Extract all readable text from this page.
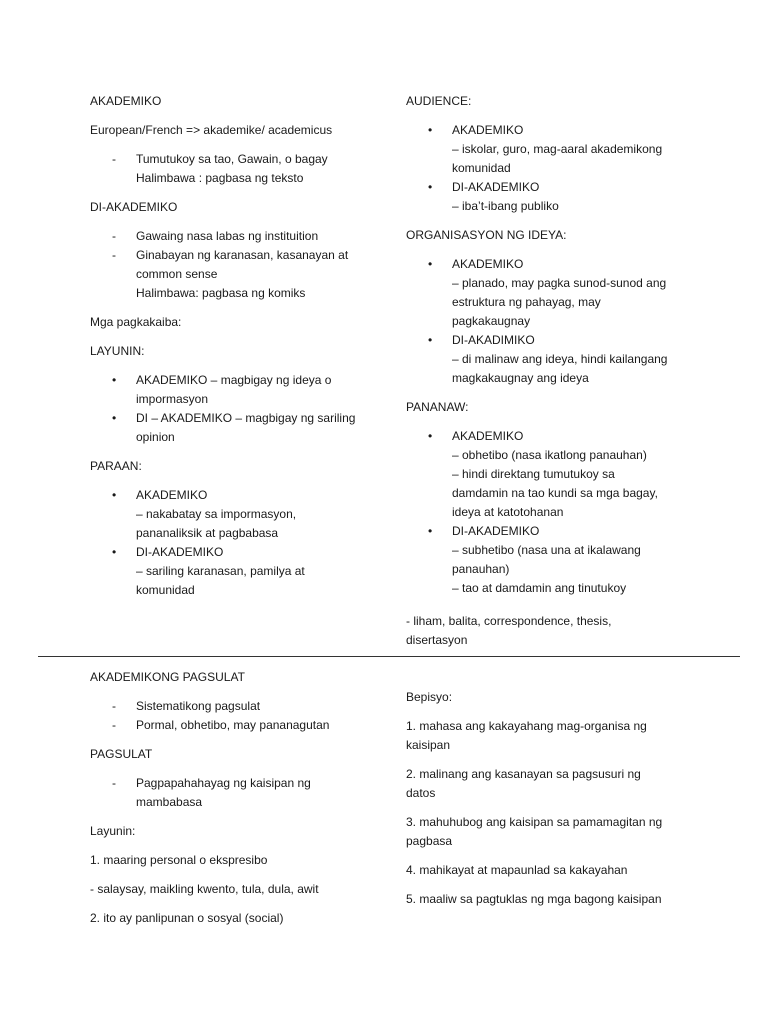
AKADEMIKO

European/French => akademike/ academicus

- Tumutukoy sa tao, Gawain, o bagay
Halimbawa : pagbasa ng teksto

DI-AKADEMIKO

- Gawaing nasa labas ng instituition
- Ginabayan ng karanasan, kasanayan at
common sense
Halimbawa: pagbasa ng komiks

Mga pagkakaiba:

LAYUNIN:

• AKADEMIKO – magbigay ng ideya o
impormasyon
• DI – AKADEMIKO – magbigay ng sariling
opinion

PARAAN:

• AKADEMIKO
– nakabatay sa impormasyon,
pananaliksik at pagbabasa
• DI-AKADEMIKO
– sariling karanasan, pamilya at
komunidad

AUDIENCE:

• AKADEMIKO
– iskolar, guro, mag-aaral akademikong
komunidad
• DI-AKADEMIKO
– iba’t-ibang publiko

ORGANISASYON NG IDEYA:

• AKADEMIKO
– planado, may pagka sunod-sunod ang
estruktura ng pahayag, may
pagkakaugnay
• DI-AKADIMIKO
– di malinaw ang ideya, hindi kailangang
magkakaugnay ang ideya

PANANAW:

• AKADEMIKO
– obhetibo (nasa ikatlong panauhan)
– hindi direktang tumutukoy sa
damdamin na tao kundi sa mga bagay,
ideya at katotohanan
• DI-AKADEMIKO
– subhetibo (nasa una at ikalawang
panauhan)
– tao at damdamin ang tinutukoy

- liham, balita, correspondence, thesis,
disertasyon

AKADEMIKONG PAGSULAT

- Sistematikong pagsulat
- Pormal, obhetibo, may pananagutan

PAGSULAT

- Pagpapahahayag ng kaisipan ng
mambabasa

Layunin:

1. maaring personal o ekspresibo

- salaysay, maikling kwento, tula, dula, awit

2. ito ay panlipunan o sosyal (social)

Bepisyo:

1. mahasa ang kakayahang mag-organisa ng
kaisipan

2. malinang ang kasanayan sa pagsusuri ng
datos

3. mahuhubog ang kaisipan sa pamamagitan ng
pagbasa

4. mahikayat at mapaunlad sa kakayahan

5. maaliw sa pagtuklas ng mga bagong kaisipan
